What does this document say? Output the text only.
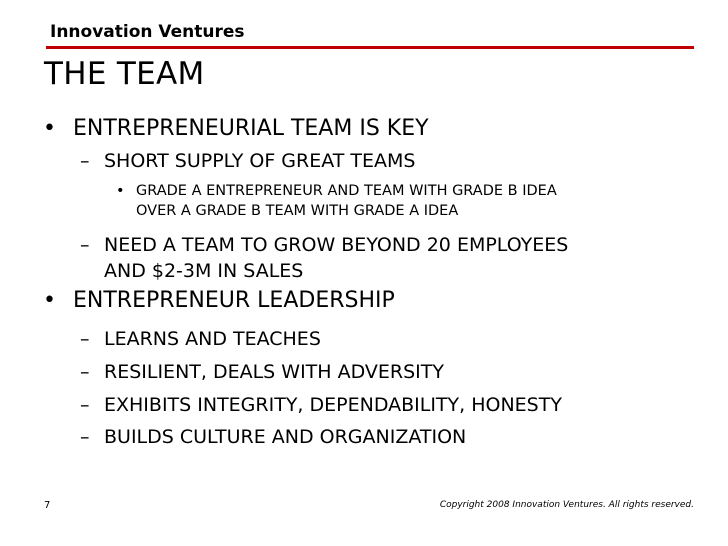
Innovation Ventures
THE TEAM
• ENTREPRENEURIAL TEAM IS KEY
– SHORT SUPPLY OF GREAT TEAMS
• GRADE A ENTREPRENEUR AND TEAM WITH GRADE B IDEA
OVER A GRADE B TEAM WITH GRADE A IDEA
– NEED A TEAM TO GROW BEYOND 20 EMPLOYEES
AND $2-3M IN SALES
• ENTREPRENEUR LEADERSHIP
– LEARNS AND TEACHES
– RESILIENT, DEALS WITH ADVERSITY
– EXHIBITS INTEGRITY, DEPENDABILITY, HONESTY
– BUILDS CULTURE AND ORGANIZATION
7	Copyright 2008 Innovation Ventures. All rights reserved.
